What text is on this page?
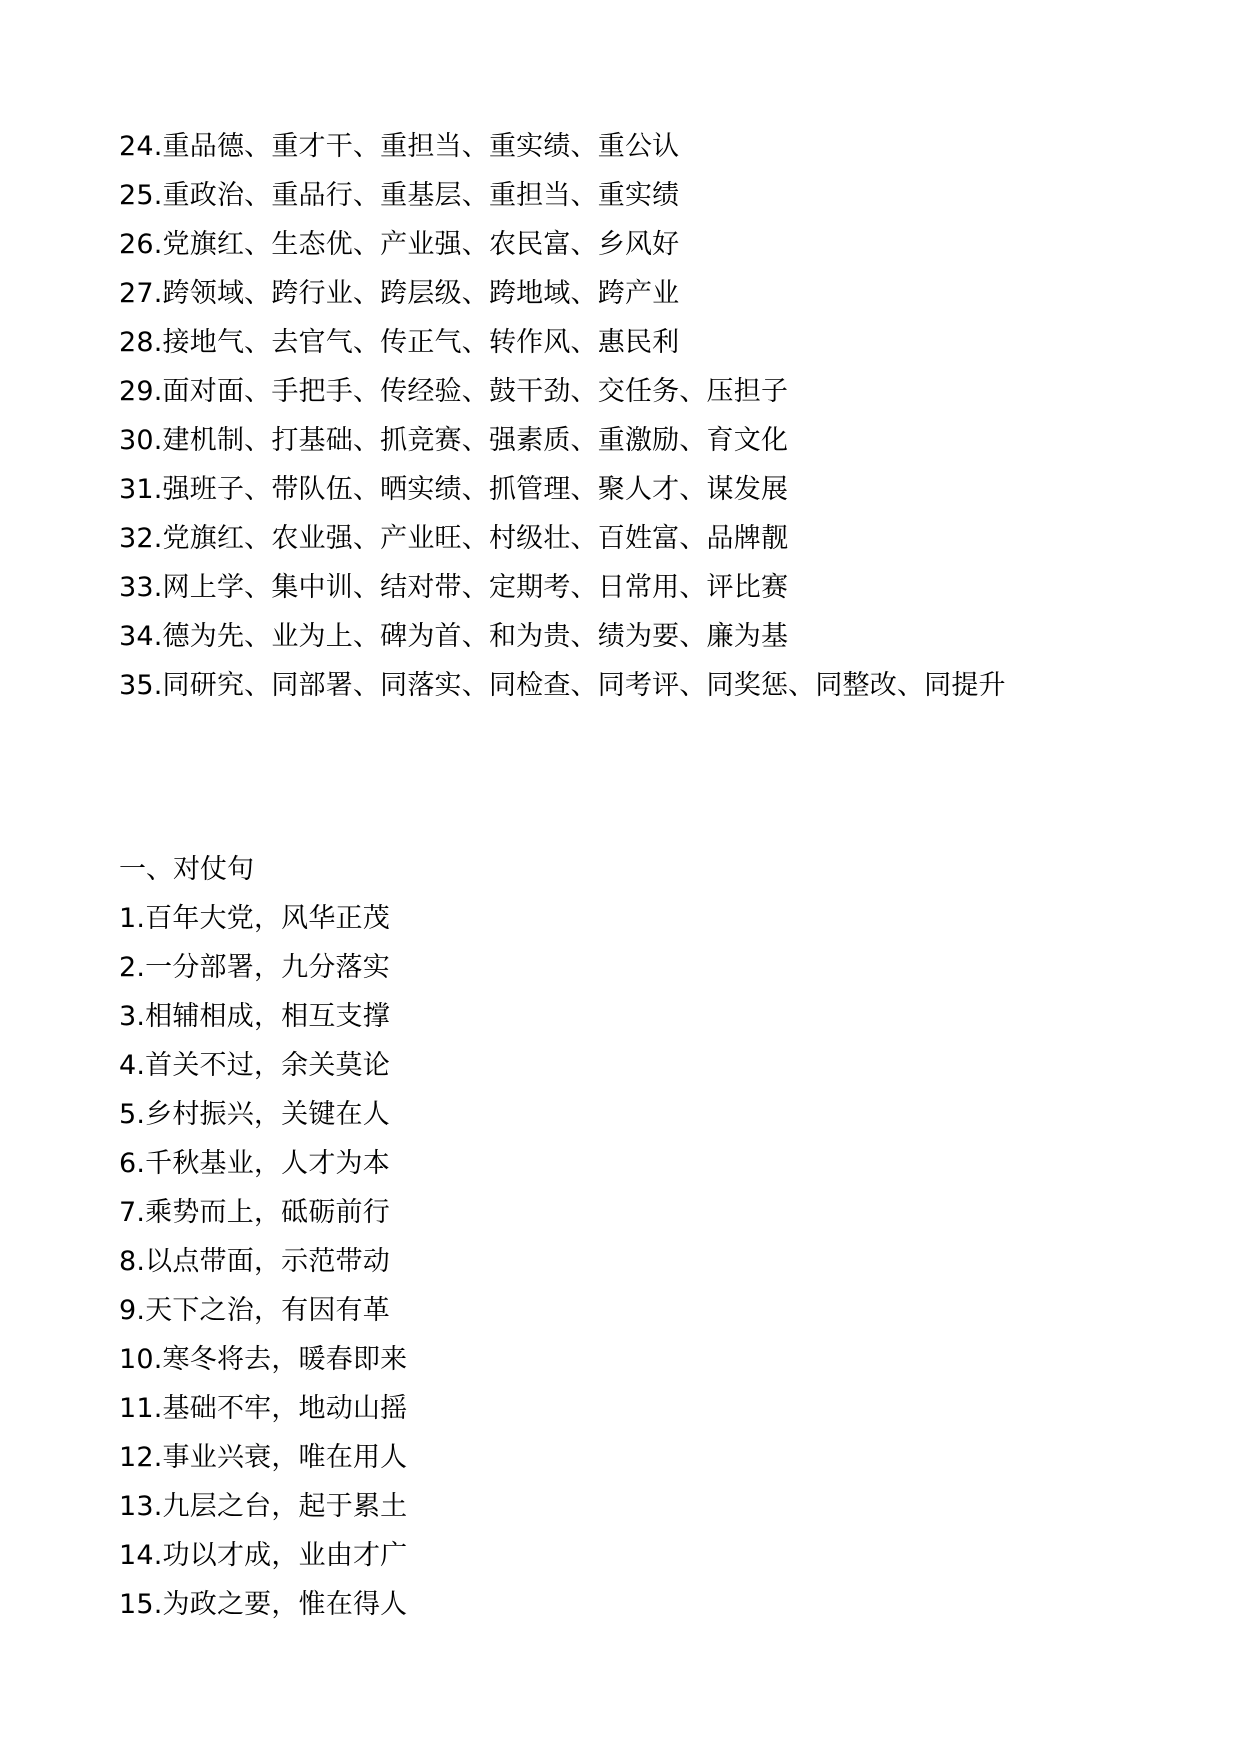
24.重品德、重才干、重担当、重实绩、重公认

25.重政治、重品行、重基层、重担当、重实绩

26.党旗红、生态优、产业强、农民富、乡风好

27.跨领域、跨行业、跨层级、跨地域、跨产业

28.接地气、去官气、传正气、转作风、惠民利

29.面对面、手把手、传经验、鼓干劲、交任务、压担子

30.建机制、打基础、抓竞赛、强素质、重激励、育文化

31.强班子、带队伍、晒实绩、抓管理、聚人才、谋发展

32.党旗红、农业强、产业旺、村级壮、百姓富、品牌靓

33.网上学、集中训、结对带、定期考、日常用、评比赛

34.德为先、业为上、碑为首、和为贵、绩为要、廉为基

35.同研究、同部署、同落实、同检查、同考评、同奖惩、同整改、同提升

一、对仗句

1.百年大党，风华正茂

2.一分部署，九分落实

3.相辅相成，相互支撑

4.首关不过，余关莫论

5.乡村振兴，关键在人

6.千秋基业，人才为本

7.乘势而上，砥砺前行

8.以点带面，示范带动

9.天下之治，有因有革

10.寒冬将去，暖春即来

11.基础不牢，地动山摇

12.事业兴衰，唯在用人

13.九层之台，起于累土

14.功以才成，业由才广

15.为政之要，惟在得人
